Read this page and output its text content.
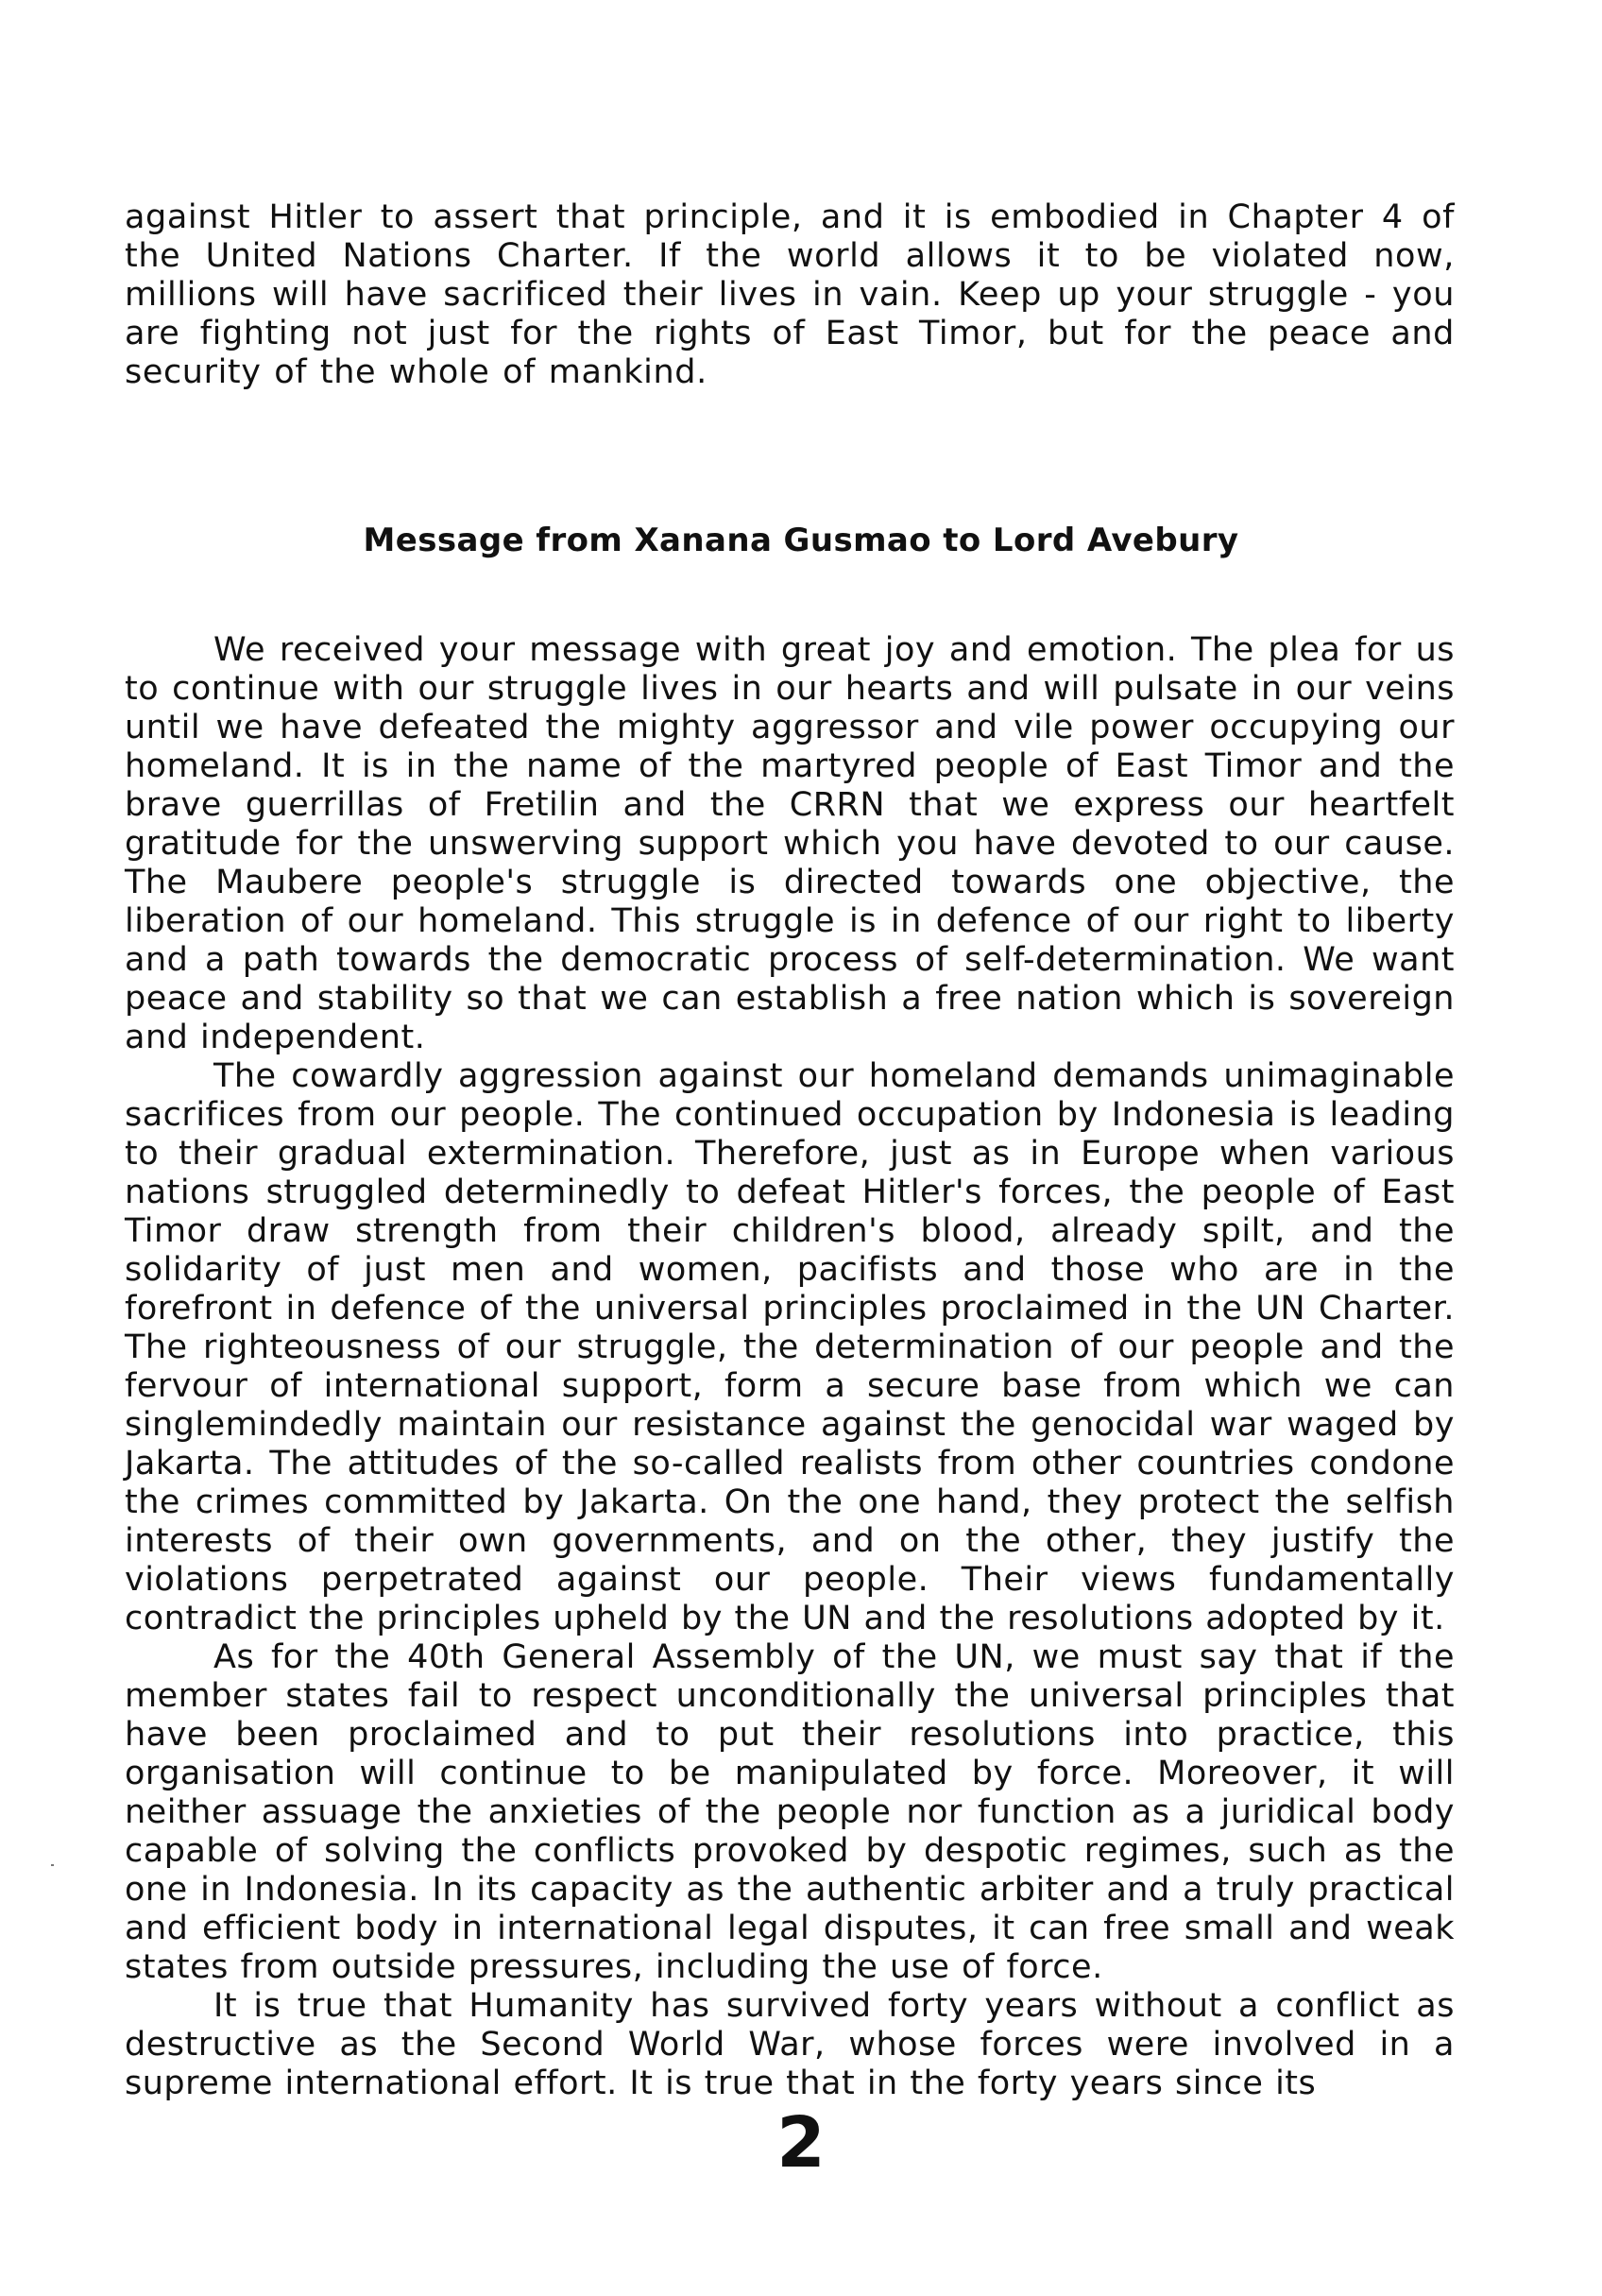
against Hitler to assert that principle, and it is embodied in Chapter 4 of the United Nations Charter. If the world allows it to be violated now, millions will have sacrificed their lives in vain. Keep up your struggle - you are fighting not just for the rights of East Timor, but for the peace and security of the whole of mankind.

Message from Xanana Gusmao to Lord Avebury

We received your message with great joy and emotion. The plea for us to continue with our struggle lives in our hearts and will pulsate in our veins until we have defeated the mighty aggressor and vile power occupying our homeland. It is in the name of the martyred people of East Timor and the brave guerrillas of Fretilin and the CRRN that we express our heartfelt gratitude for the unswerving support which you have devoted to our cause. The Maubere people's struggle is directed towards one objective, the liberation of our homeland. This struggle is in defence of our right to liberty and a path towards the democratic process of self-determination. We want peace and stability so that we can establish a free nation which is sovereign and independent.

The cowardly aggression against our homeland demands unimaginable sacrifices from our people. The continued occupation by Indonesia is leading to their gradual extermination. Therefore, just as in Europe when various nations struggled determinedly to defeat Hitler's forces, the people of East Timor draw strength from their children's blood, already spilt, and the solidarity of just men and women, pacifists and those who are in the forefront in defence of the universal principles proclaimed in the UN Charter. The righteousness of our struggle, the determination of our people and the fervour of international support, form a secure base from which we can singlemindedly maintain our resistance against the genocidal war waged by Jakarta. The attitudes of the so-called realists from other countries condone the crimes committed by Jakarta. On the one hand, they protect the selfish interests of their own governments, and on the other, they justify the violations perpetrated against our people. Their views fundamentally contradict the principles upheld by the UN and the resolutions adopted by it.

As for the 40th General Assembly of the UN, we must say that if the member states fail to respect unconditionally the universal principles that have been proclaimed and to put their resolutions into practice, this organisation will continue to be manipulated by force. Moreover, it will neither assuage the anxieties of the people nor function as a juridical body capable of solving the conflicts provoked by despotic regimes, such as the one in Indonesia. In its capacity as the authentic arbiter and a truly practical and efficient body in international legal disputes, it can free small and weak states from outside pressures, including the use of force.

It is true that Humanity has survived forty years without a conflict as destructive as the Second World War, whose forces were involved in a supreme international effort. It is true that in the forty years since its

2
